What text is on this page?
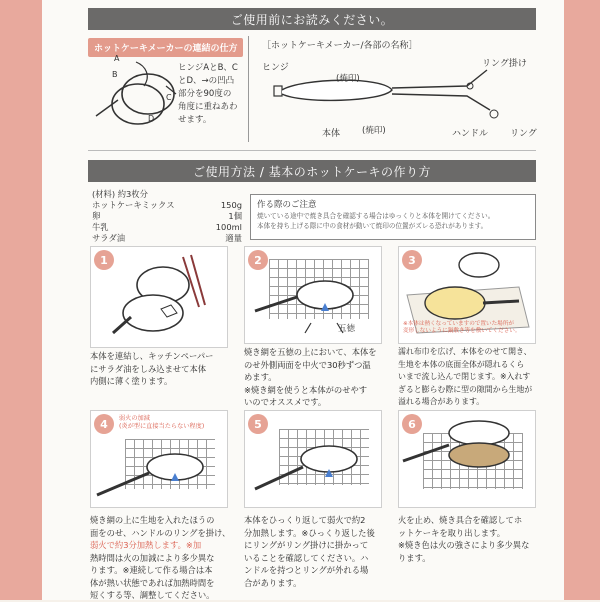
ご使用前にお読みください。
ホットケーキメーカーの連結の仕方
A
B
C
D
ヒンジAとB、C
とD、→の凹凸
部分を90度の
角度に重ねあわ
せます。
［ホットケーキメーカー/各部の名称］
ヒンジ
(焼印)
リング掛け
本体	(焼印)	ハンドル リング
ご使用方法 / 基本のホットケーキの作り方
(材料) 約3枚分
ホットケーキミックス	150g
卵	1個
牛乳	100ml
サラダ油	適量
作る際のご注意
焼いている途中で焼き具合を確認する場合はゆっくりと本体を開けてください。
本体を持ち上げる際に中の食材が動いて焼印の位置がズレる恐れがあります。
1
本体を連結し、キッチンペーパー
にサラダ油をしみ込ませて本体
内側に薄く塗ります。
2
五徳
焼き網を五徳の上において、本体を
のせ外側両面を中火で30秒ずつ温
めます。
※焼き網を使うと本体がのせやす
いのでオススメです。
※本体は熱くなっていますので置いた場所が
変形しないように鍋敷き等を敷いてください。
3
濡れ布巾を広げ、本体をのせて開き、
生地を本体の底面全体が隠れるくら
いまで流し込んで閉じます。※入れす
ぎると膨らむ際に型の隙間から生地が
溢れる場合があります。
弱火の加減
(炎が型に直接当たらない程度)
4
焼き網の上に生地を入れたほうの
面をのせ、ハンドルのリングを掛け、
弱火で約3分加熱します。※加
熱時間は火の加減により多少異な
ります。※連続して作る場合は本
体が熱い状態であれば加熱時間を
短くする等、調整してください。
5
本体をひっくり返して弱火で約2
分加熱します。※ひっくり返した後
にリングがリング掛けに掛かって
いることを確認してください。ハ
ンドルを持つとリングが外れる場
合があります。
6
火を止め、焼き具合を確認してホ
ットケーキを取り出します。
※焼き色は火の強さにより多少異な
ります。
